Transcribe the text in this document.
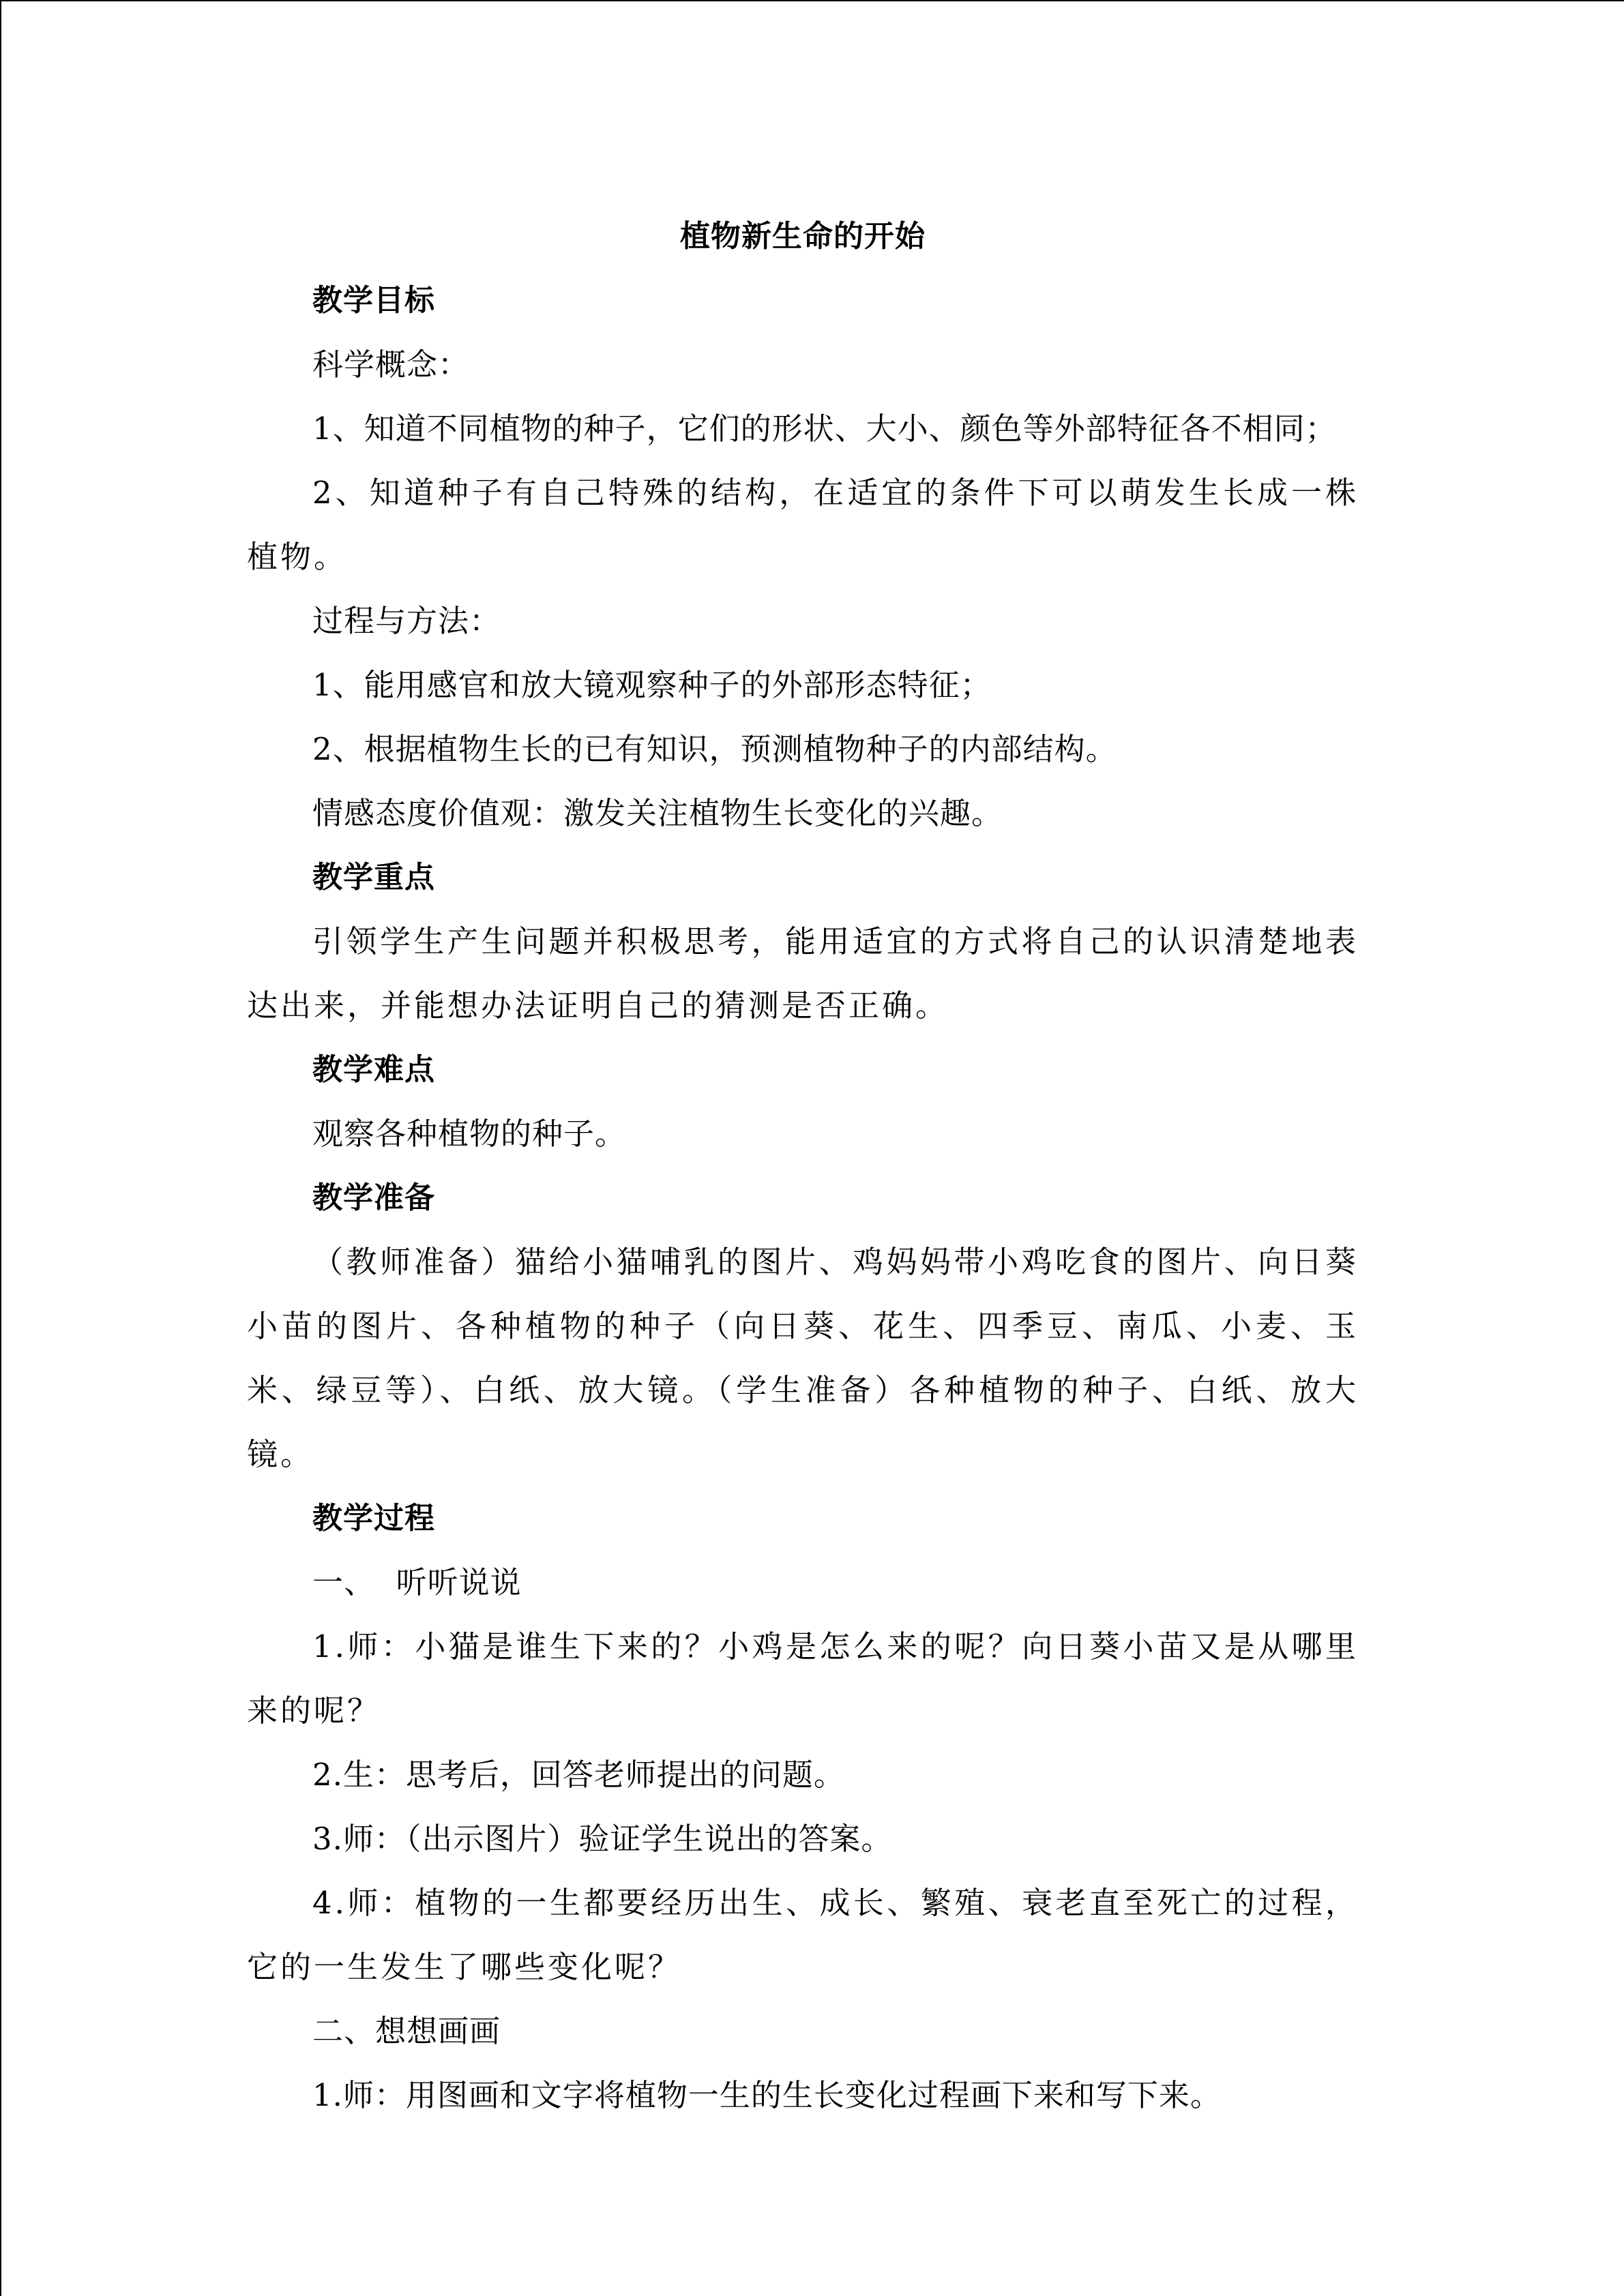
植物新生命的开始
教学目标
科学概念：
1、知道不同植物的种子，它们的形状、大小、颜色等外部特征各不相同；
2、知道种子有自己特殊的结构，在适宜的条件下可以萌发生长成一株植物。
过程与方法：
1、能用感官和放大镜观察种子的外部形态特征；
2、根据植物生长的已有知识，预测植物种子的内部结构。
情感态度价值观：激发关注植物生长变化的兴趣。
教学重点
引领学生产生问题并积极思考，能用适宜的方式将自己的认识清楚地表达出来，并能想办法证明自己的猜测是否正确。
教学难点
观察各种植物的种子。
教学准备
（教师准备）猫给小猫哺乳的图片、鸡妈妈带小鸡吃食的图片、向日葵小苗的图片、各种植物的种子（向日葵、花生、四季豆、南瓜、小麦、玉米、绿豆等）、白纸、放大镜。（学生准备）各种植物的种子、白纸、放大镜。
教学过程
一、  听听说说
1.师：小猫是谁生下来的？小鸡是怎么来的呢？向日葵小苗又是从哪里来的呢？
2.生：思考后，回答老师提出的问题。
3.师：（出示图片）验证学生说出的答案。
4.师：植物的一生都要经历出生、成长、繁殖、衰老直至死亡的过程，它的一生发生了哪些变化呢？
二、想想画画
1.师：用图画和文字将植物一生的生长变化过程画下来和写下来。
